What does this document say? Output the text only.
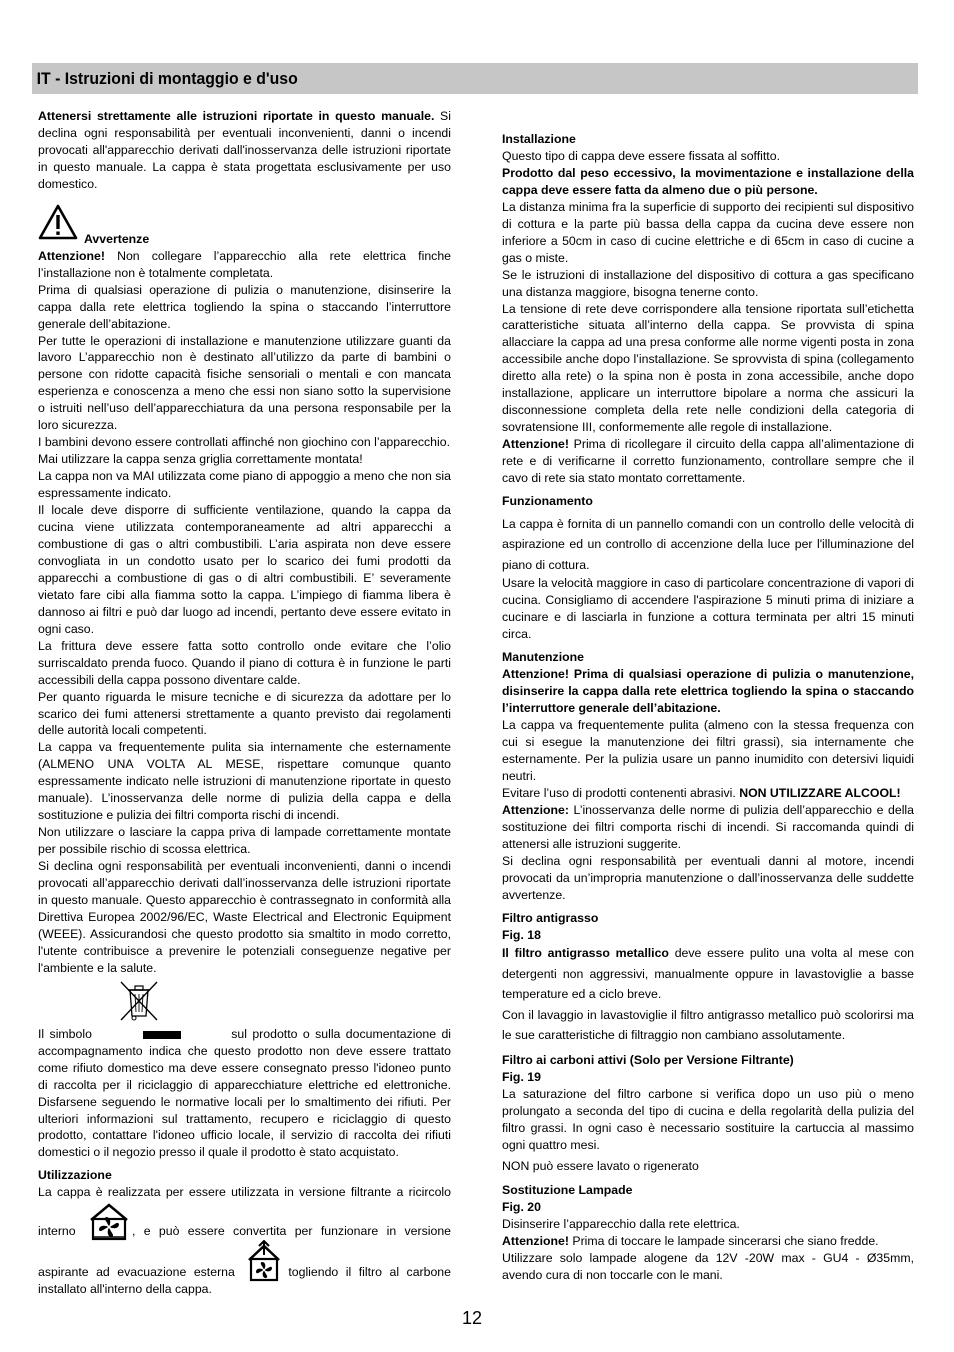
IT - Istruzioni di montaggio e d'uso

Attenersi strettamente alle istruzioni riportate in questo manuale. Si declina ogni responsabilità per eventuali inconvenienti, danni o incendi provocati all'apparecchio derivati dall'inosservanza delle istruzioni riportate in questo manuale. La cappa è stata progettata esclusivamente per uso domestico.

Avvertenze

Attenzione! Non collegare l’apparecchio alla rete elettrica finche l’installazione non è totalmente completata.

Prima di qualsiasi operazione di pulizia o manutenzione, disinserire la cappa dalla rete elettrica togliendo la spina o staccando l’interruttore generale dell’abitazione.

Per tutte le operazioni di installazione e manutenzione utilizzare guanti da lavoro L’apparecchio non è destinato all’utilizzo da parte di bambini o persone con ridotte capacità fisiche sensoriali o mentali e con mancata esperienza e conoscenza a meno che essi non siano sotto la supervisione o istruiti nell’uso dell’apparecchiatura da una persona responsabile per la loro sicurezza.

I bambini devono essere controllati affinché non giochino con l’apparecchio.

Mai utilizzare la cappa senza griglia correttamente montata!

La cappa non va MAI utilizzata come piano di appoggio a meno che non sia espressamente indicato.

Il locale deve disporre di sufficiente ventilazione, quando la cappa da cucina viene utilizzata contemporaneamente ad altri apparecchi a combustione di gas o altri combustibili. L’aria aspirata non deve essere convogliata in un condotto usato per lo scarico dei fumi prodotti da apparecchi a combustione di gas o di altri combustibili. E’ severamente vietato fare cibi alla fiamma sotto la cappa. L’impiego di fiamma libera è dannoso ai filtri e può dar luogo ad incendi, pertanto deve essere evitato in ogni caso.

La frittura deve essere fatta sotto controllo onde evitare che l’olio surriscaldato prenda fuoco. Quando il piano di cottura è in funzione le parti accessibili della cappa possono diventare calde.

Per quanto riguarda le misure tecniche e di sicurezza da adottare per lo scarico dei fumi attenersi strettamente a quanto previsto dai regolamenti delle autorità locali competenti.

La cappa va frequentemente pulita sia internamente che esternamente (ALMENO UNA VOLTA AL MESE, rispettare comunque quanto espressamente indicato nelle istruzioni di manutenzione riportate in questo manuale). L’inosservanza delle norme di pulizia della cappa e della sostituzione e pulizia dei filtri comporta rischi di incendi.

Non utilizzare o lasciare la cappa priva di lampade correttamente montate per possibile rischio di scossa elettrica.

Si declina ogni responsabilità per eventuali inconvenienti, danni o incendi provocati all’apparecchio derivati dall’inosservanza delle istruzioni riportate in questo manuale. Questo apparecchio è contrassegnato in conformità alla Direttiva Europea 2002/96/EC, Waste Electrical and Electronic Equipment (WEEE). Assicurandosi che questo prodotto sia smaltito in modo corretto, l'utente contribuisce a prevenire le potenziali conseguenze negative per l'ambiente e la salute.

Il simbolo	sul prodotto o sulla documentazione di accompagnamento indica che questo prodotto non deve essere trattato come rifiuto domestico ma deve essere consegnato presso l'idoneo punto di raccolta per il riciclaggio di apparecchiature elettriche ed elettroniche. Disfarsene seguendo le normative locali per lo smaltimento dei rifiuti. Per ulteriori informazioni sul trattamento, recupero e riciclaggio di questo prodotto, contattare l'idoneo ufficio locale, il servizio di raccolta dei rifiuti domestici o il negozio presso il quale il prodotto è stato acquistato.

Utilizzazione

La cappa è realizzata per essere utilizzata in versione filtrante a ricircolo interno	, e può essere convertita per funzionare in versione aspirante ad evacuazione esterna	togliendo il filtro al carbone installato all'interno della cappa.

Installazione

Questo tipo di cappa deve essere fissata al soffitto.

Prodotto dal peso eccessivo, la movimentazione e installazione della cappa deve essere fatta da almeno due o più persone.

La distanza minima fra la superficie di supporto dei recipienti sul dispositivo di cottura e la parte più bassa della cappa da cucina deve essere non inferiore a 50cm in caso di cucine elettriche e di 65cm in caso di cucine a gas o miste.

Se le istruzioni di installazione del dispositivo di cottura a gas specificano una distanza maggiore, bisogna tenerne conto.

La tensione di rete deve corrispondere alla tensione riportata sull’etichetta caratteristiche situata all’interno della cappa. Se provvista di spina allacciare la cappa ad una presa conforme alle norme vigenti posta in zona accessibile anche dopo l’installazione. Se sprovvista di spina (collegamento diretto alla rete) o la spina non è posta in zona accessibile, anche dopo installazione, applicare un interruttore bipolare a norma che assicuri la disconnessione completa della rete nelle condizioni della categoria di sovratensione III, conformemente alle regole di installazione.

Attenzione! Prima di ricollegare il circuito della cappa all’alimentazione di rete e di verificarne il corretto funzionamento, controllare sempre che il cavo di rete sia stato montato correttamente.

Funzionamento

La cappa è fornita di un pannello comandi con un controllo delle velocità di aspirazione ed un controllo di accenzione della luce per l'illuminazione del piano di cottura.

Usare la velocità maggiore in caso di particolare concentrazione di vapori di cucina. Consigliamo di accendere l'aspirazione 5 minuti prima di iniziare a cucinare e di lasciarla in funzione a cottura terminata per altri 15 minuti circa.

Manutenzione

Attenzione! Prima di qualsiasi operazione di pulizia o manutenzione, disinserire la cappa dalla rete elettrica togliendo la spina o staccando l’interruttore generale dell’abitazione.

La cappa va frequentemente pulita (almeno con la stessa frequenza con cui si esegue la manutenzione dei filtri grassi), sia internamente che esternamente. Per la pulizia usare un panno inumidito con detersivi liquidi neutri.

Evitare l’uso di prodotti contenenti abrasivi. NON UTILIZZARE ALCOOL!

Attenzione: L’inosservanza delle norme di pulizia dell’apparecchio e della sostituzione dei filtri comporta rischi di incendi. Si raccomanda quindi di attenersi alle istruzioni suggerite.

Si declina ogni responsabilità per eventuali danni al motore, incendi provocati da un’impropria manutenzione o dall’inosservanza delle suddette avvertenze.

Filtro antigrasso

Fig. 18

Il filtro antigrasso metallico deve essere pulito una volta al mese con detergenti non aggressivi, manualmente oppure in lavastoviglie a basse temperature ed a ciclo breve.

Con il lavaggio in lavastoviglie il filtro antigrasso metallico può scolorirsi ma le sue caratteristiche di filtraggio non cambiano assolutamente.

Filtro ai carboni attivi (Solo per Versione Filtrante)

Fig. 19

La saturazione del filtro carbone si verifica dopo un uso più o meno prolungato a seconda del tipo di cucina e della regolarità della pulizia del filtro grassi. In ogni caso è necessario sostituire la cartuccia al massimo ogni quattro mesi.

NON può essere lavato o rigenerato

Sostituzione Lampade

Fig. 20

Disinserire l’apparecchio dalla rete elettrica.

Attenzione! Prima di toccare le lampade sincerarsi che siano fredde.

Utilizzare solo lampade alogene da 12V -20W max - GU4 - Ø35mm, avendo cura di non toccarle con le mani.

12
